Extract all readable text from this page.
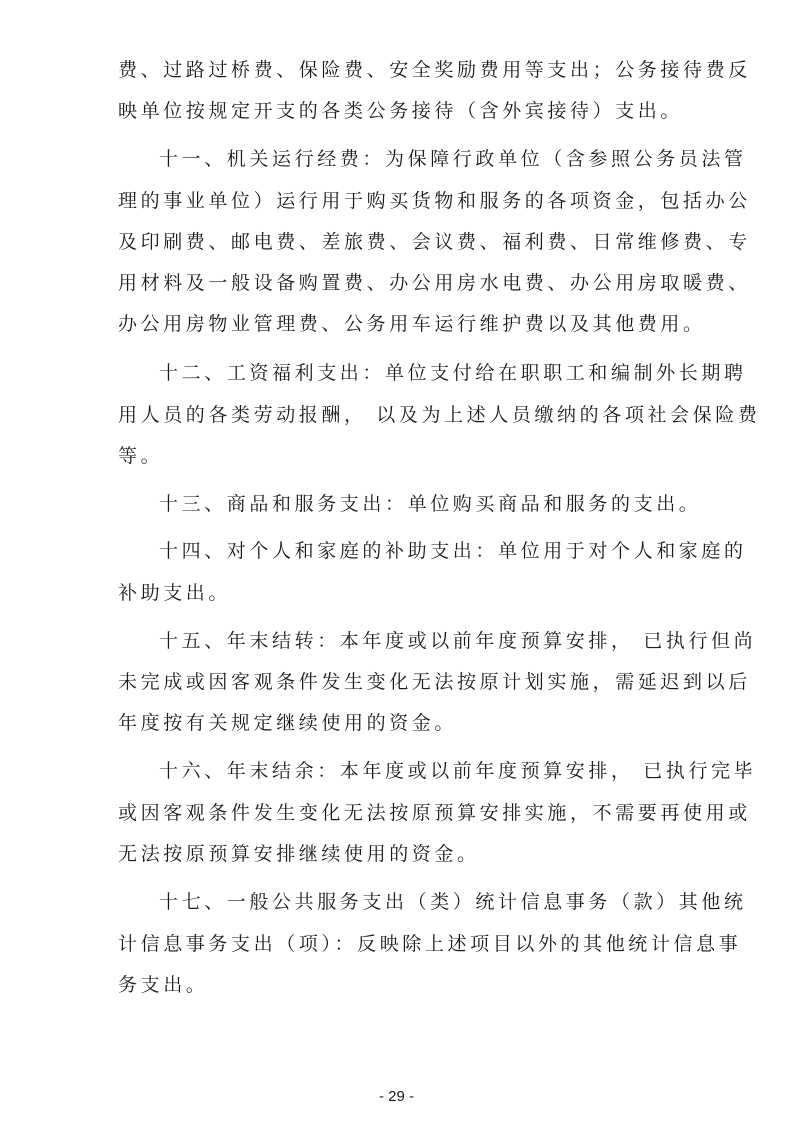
费、过路过桥费、保险费、安全奖励费用等支出；公务接待费反
映单位按规定开支的各类公务接待（含外宾接待）支出。
十一、机关运行经费：为保障行政单位（含参照公务员法管
理的事业单位）运行用于购买货物和服务的各项资金，包括办公
及印刷费、邮电费、差旅费、会议费、福利费、日常维修费、专
用材料及一般设备购置费、办公用房水电费、办公用房取暖费、
办公用房物业管理费、公务用车运行维护费以及其他费用。
十二、工资福利支出：单位支付给在职职工和编制外长期聘
用人员的各类劳动报酬， 以及为上述人员缴纳的各项社会保险费
等。
十三、商品和服务支出：单位购买商品和服务的支出。
十四、对个人和家庭的补助支出：单位用于对个人和家庭的
补助支出。
十五、年末结转：本年度或以前年度预算安排， 已执行但尚
未完成或因客观条件发生变化无法按原计划实施，需延迟到以后
年度按有关规定继续使用的资金。
十六、年末结余：本年度或以前年度预算安排， 已执行完毕
或因客观条件发生变化无法按原预算安排实施，不需要再使用或
无法按原预算安排继续使用的资金。
十七、一般公共服务支出（类）统计信息事务（款）其他统
计信息事务支出（项）：反映除上述项目以外的其他统计信息事
务支出。
- 29 -
